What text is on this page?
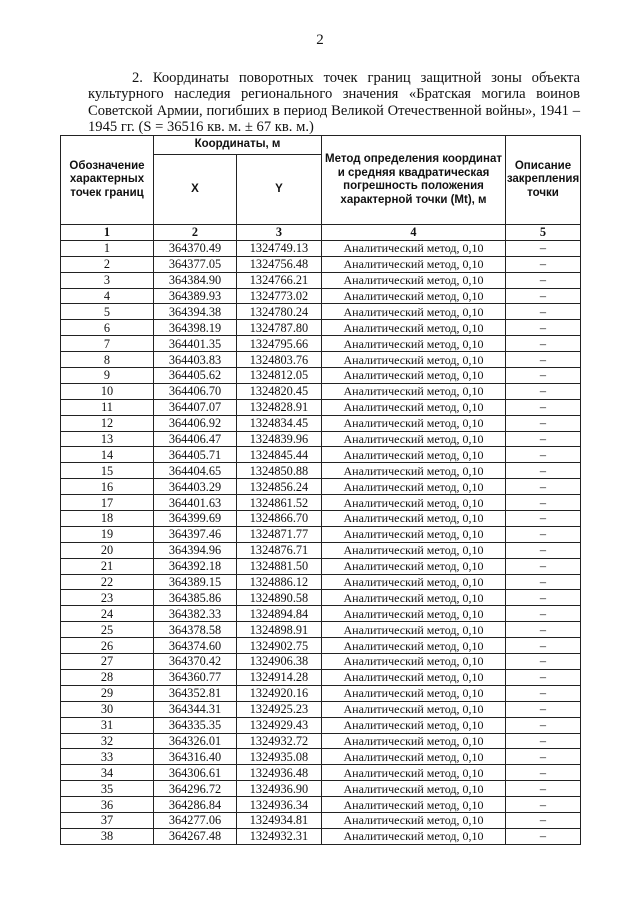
2
2. Координаты поворотных точек границ защитной зоны объекта культурного наследия регионального значения «Братская могила воинов Советской Армии, погибших в период Великой Отечественной войны», 1941 – 1945 гг. (S = 36516 кв. м. ± 67 кв. м.)
Обозначение характерных точек границ	Координаты, м		Метод определения координат и средняя квадратическая погрешность положения характерной точки (Mt), м	Описание закрепления точки
	X	Y		
1	2	3	4	5
1	364370.49	1324749.13	Аналитический метод, 0,10	–
2	364377.05	1324756.48	Аналитический метод, 0,10	–
3	364384.90	1324766.21	Аналитический метод, 0,10	–
4	364389.93	1324773.02	Аналитический метод, 0,10	–
5	364394.38	1324780.24	Аналитический метод, 0,10	–
6	364398.19	1324787.80	Аналитический метод, 0,10	–
7	364401.35	1324795.66	Аналитический метод, 0,10	–
8	364403.83	1324803.76	Аналитический метод, 0,10	–
9	364405.62	1324812.05	Аналитический метод, 0,10	–
10	364406.70	1324820.45	Аналитический метод, 0,10	–
11	364407.07	1324828.91	Аналитический метод, 0,10	–
12	364406.92	1324834.45	Аналитический метод, 0,10	–
13	364406.47	1324839.96	Аналитический метод, 0,10	–
14	364405.71	1324845.44	Аналитический метод, 0,10	–
15	364404.65	1324850.88	Аналитический метод, 0,10	–
16	364403.29	1324856.24	Аналитический метод, 0,10	–
17	364401.63	1324861.52	Аналитический метод, 0,10	–
18	364399.69	1324866.70	Аналитический метод, 0,10	–
19	364397.46	1324871.77	Аналитический метод, 0,10	–
20	364394.96	1324876.71	Аналитический метод, 0,10	–
21	364392.18	1324881.50	Аналитический метод, 0,10	–
22	364389.15	1324886.12	Аналитический метод, 0,10	–
23	364385.86	1324890.58	Аналитический метод, 0,10	–
24	364382.33	1324894.84	Аналитический метод, 0,10	–
25	364378.58	1324898.91	Аналитический метод, 0,10	–
26	364374.60	1324902.75	Аналитический метод, 0,10	–
27	364370.42	1324906.38	Аналитический метод, 0,10	–
28	364360.77	1324914.28	Аналитический метод, 0,10	–
29	364352.81	1324920.16	Аналитический метод, 0,10	–
30	364344.31	1324925.23	Аналитический метод, 0,10	–
31	364335.35	1324929.43	Аналитический метод, 0,10	–
32	364326.01	1324932.72	Аналитический метод, 0,10	–
33	364316.40	1324935.08	Аналитический метод, 0,10	–
34	364306.61	1324936.48	Аналитический метод, 0,10	–
35	364296.72	1324936.90	Аналитический метод, 0,10	–
36	364286.84	1324936.34	Аналитический метод, 0,10	–
37	364277.06	1324934.81	Аналитический метод, 0,10	–
38	364267.48	1324932.31	Аналитический метод, 0,10	–
